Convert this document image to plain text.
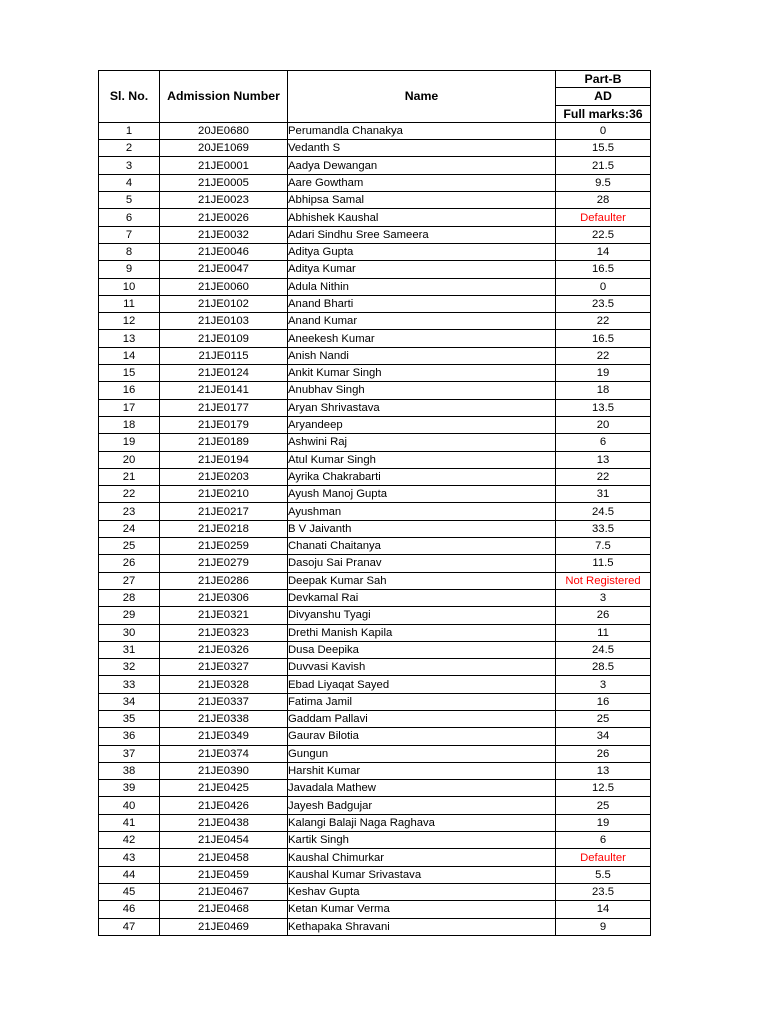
Sl. No.	Admission Number	Name	Part-B
			AD
			Full marks:36
1	20JE0680	Perumandla Chanakya	0
2	20JE1069	Vedanth S	15.5
3	21JE0001	Aadya Dewangan	21.5
4	21JE0005	Aare Gowtham	9.5
5	21JE0023	Abhipsa Samal	28
6	21JE0026	Abhishek Kaushal	Defaulter
7	21JE0032	Adari Sindhu Sree Sameera	22.5
8	21JE0046	Aditya Gupta	14
9	21JE0047	Aditya Kumar	16.5
10	21JE0060	Adula Nithin	0
11	21JE0102	Anand Bharti	23.5
12	21JE0103	Anand Kumar	22
13	21JE0109	Aneekesh Kumar	16.5
14	21JE0115	Anish Nandi	22
15	21JE0124	Ankit Kumar Singh	19
16	21JE0141	Anubhav Singh	18
17	21JE0177	Aryan Shrivastava	13.5
18	21JE0179	Aryandeep	20
19	21JE0189	Ashwini Raj	6
20	21JE0194	Atul Kumar Singh	13
21	21JE0203	Ayrika Chakrabarti	22
22	21JE0210	Ayush Manoj Gupta	31
23	21JE0217	Ayushman	24.5
24	21JE0218	B V Jaivanth	33.5
25	21JE0259	Chanati Chaitanya	7.5
26	21JE0279	Dasoju Sai Pranav	11.5
27	21JE0286	Deepak Kumar Sah	Not Registered
28	21JE0306	Devkamal Rai	3
29	21JE0321	Divyanshu Tyagi	26
30	21JE0323	Drethi Manish Kapila	11
31	21JE0326	Dusa Deepika	24.5
32	21JE0327	Duvvasi Kavish	28.5
33	21JE0328	Ebad Liyaqat Sayed	3
34	21JE0337	Fatima Jamil	16
35	21JE0338	Gaddam Pallavi	25
36	21JE0349	Gaurav Bilotia	34
37	21JE0374	Gungun	26
38	21JE0390	Harshit Kumar	13
39	21JE0425	Javadala Mathew	12.5
40	21JE0426	Jayesh Badgujar	25
41	21JE0438	Kalangi Balaji Naga Raghava	19
42	21JE0454	Kartik Singh	6
43	21JE0458	Kaushal Chimurkar	Defaulter
44	21JE0459	Kaushal Kumar Srivastava	5.5
45	21JE0467	Keshav Gupta	23.5
46	21JE0468	Ketan Kumar Verma	14
47	21JE0469	Kethapaka Shravani	9
